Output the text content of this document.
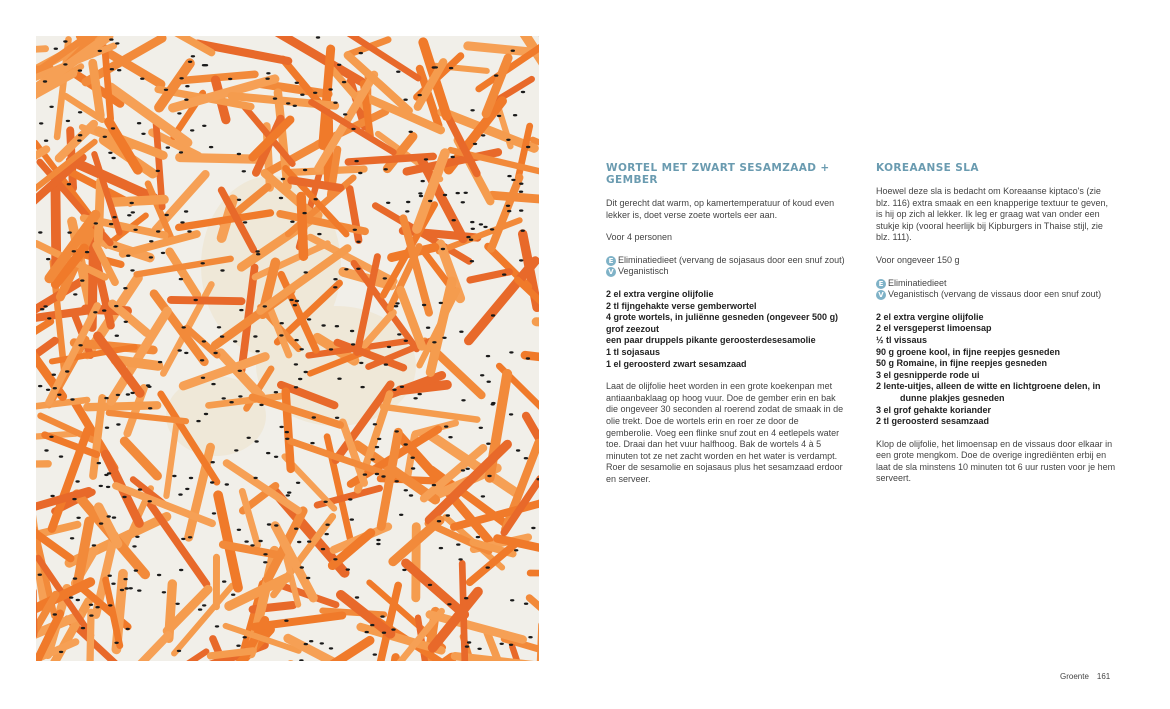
WORTEL MET ZWART SESAMZAAD + GEMBER

Dit gerecht dat warm, op kamertemperatuur of koud even lekker is, doet verse zoete wortels eer aan.

Voor 4 personen

E Eliminatiedieet (vervang de sojasaus door een snuf zout)
V Veganistisch
2 el extra vergine olijfolie
2 tl fijngehakte verse gemberwortel
4 grote wortels, in juliënne gesneden (ongeveer 500 g)
grof zeezout
een paar druppels pikante geroosterdesesamolie
1 tl sojasaus
1 el geroosterd zwart sesamzaad

Laat de olijfolie heet worden in een grote koekenpan met antiaanbaklaag op hoog vuur. Doe de gember erin en bak die ongeveer 30 seconden al roerend zodat de smaak in de olie trekt. Doe de wortels erin en roer ze door de gemberolie. Voeg een flinke snuf zout en 4 eetlepels water toe. Draai dan het vuur halfhoog. Bak de wortels 4 à 5 minuten tot ze net zacht worden en het water is verdampt. Roer de sesamolie en sojasaus plus het sesamzaad erdoor en serveer.

KOREAANSE SLA

Hoewel deze sla is bedacht om Koreaanse kiptaco's (zie blz. 116) extra smaak en een knapperige textuur te geven, is hij op zich al lekker. Ik leg er graag wat van onder een stukje kip (vooral heerlijk bij Kipburgers in Thaise stijl, zie blz. 111).

Voor ongeveer 150 g

E Eliminatiedieet
V Veganistisch (vervang de vissaus door een snuf zout)
2 el extra vergine olijfolie
2 el versgeperst limoensap
½ tl vissaus
90 g groene kool, in fijne reepjes gesneden
50 g Romaine, in fijne reepjes gesneden
3 el gesnipperde rode ui
2 lente-uitjes, alleen de witte en lichtgroene delen, in dunne plakjes gesneden
3 el grof gehakte koriander
2 tl geroosterd sesamzaad

Klop de olijfolie, het limoensap en de vissaus door elkaar in een grote mengkom. Doe de overige ingrediënten erbij en laat de sla minstens 10 minuten tot 6 uur rusten voor je hem serveert.

Groente 161
